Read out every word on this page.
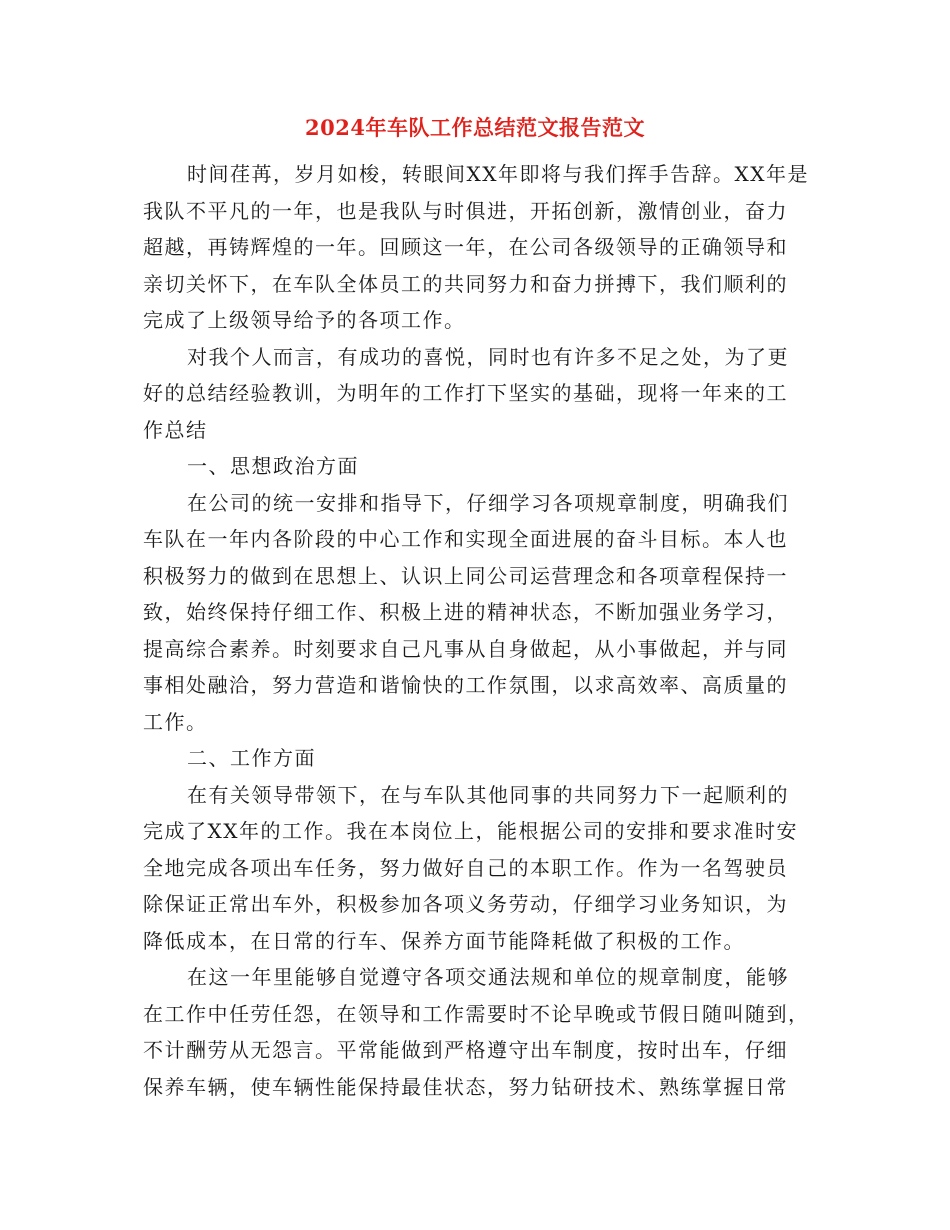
2024年车队工作总结范文报告范文
时间荏苒，岁月如梭，转眼间XX年即将与我们挥手告辞。XX年是
我队不平凡的一年，也是我队与时俱进，开拓创新，激情创业，奋力
超越，再铸辉煌的一年。回顾这一年，在公司各级领导的正确领导和
亲切关怀下，在车队全体员工的共同努力和奋力拼搏下，我们顺利的
完成了上级领导给予的各项工作。
对我个人而言，有成功的喜悦，同时也有许多不足之处，为了更
好的总结经验教训，为明年的工作打下坚实的基础，现将一年来的工
作总结
一、思想政治方面
在公司的统一安排和指导下，仔细学习各项规章制度，明确我们
车队在一年内各阶段的中心工作和实现全面进展的奋斗目标。本人也
积极努力的做到在思想上、认识上同公司运营理念和各项章程保持一
致，始终保持仔细工作、积极上进的精神状态，不断加强业务学习，
提高综合素养。时刻要求自己凡事从自身做起，从小事做起，并与同
事相处融洽，努力营造和谐愉快的工作氛围，以求高效率、高质量的
工作。
二、工作方面
在有关领导带领下，在与车队其他同事的共同努力下一起顺利的
完成了XX年的工作。我在本岗位上，能根据公司的安排和要求准时安
全地完成各项出车任务，努力做好自己的本职工作。作为一名驾驶员
除保证正常出车外，积极参加各项义务劳动，仔细学习业务知识，为
降低成本，在日常的行车、保养方面节能降耗做了积极的工作。
在这一年里能够自觉遵守各项交通法规和单位的规章制度，能够
在工作中任劳任怨，在领导和工作需要时不论早晚或节假日随叫随到，
不计酬劳从无怨言。平常能做到严格遵守出车制度，按时出车，仔细
保养车辆，使车辆性能保持最佳状态，努力钻研技术、熟练掌握日常
